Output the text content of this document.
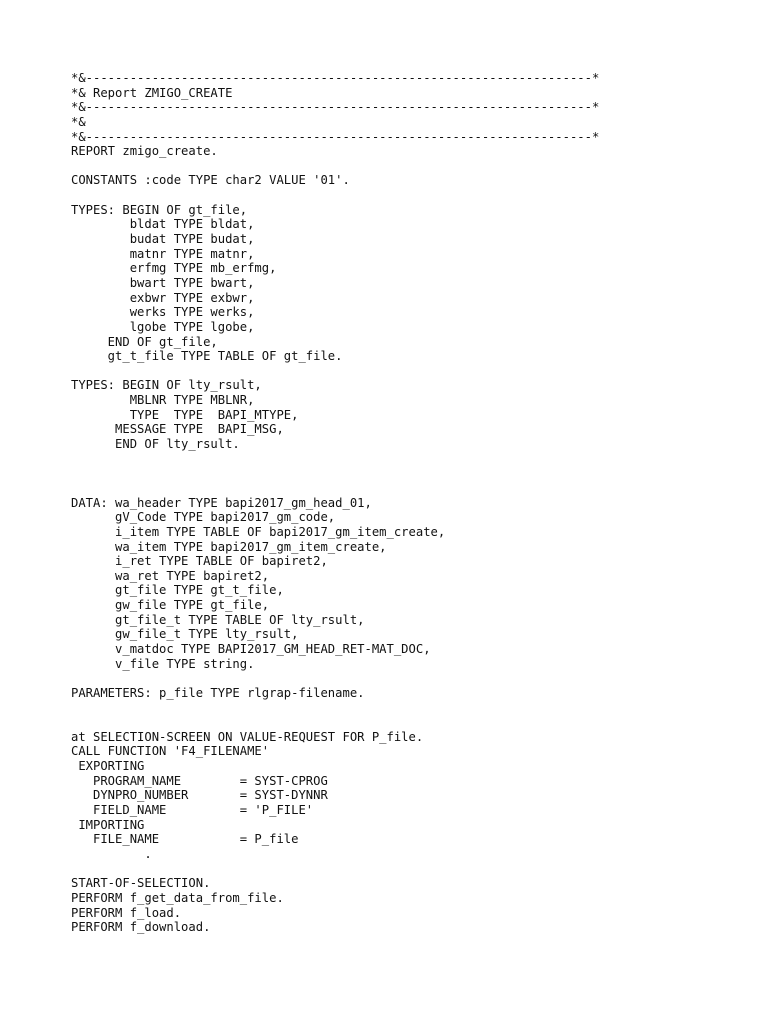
*&---------------------------------------------------------------------*
*& Report ZMIGO_CREATE
*&---------------------------------------------------------------------*
*&
*&---------------------------------------------------------------------*
REPORT zmigo_create.
CONSTANTS :code TYPE char2 VALUE '01'.
TYPES: BEGIN OF gt_file,
bldat TYPE bldat,
budat TYPE budat,
matnr TYPE matnr,
erfmg TYPE mb_erfmg,
bwart TYPE bwart,
exbwr TYPE exbwr,
werks TYPE werks,
lgobe TYPE lgobe,
END OF gt_file,
gt_t_file TYPE TABLE OF gt_file.
TYPES: BEGIN OF lty_rsult,
MBLNR TYPE MBLNR,
TYPE  TYPE  BAPI_MTYPE,
MESSAGE TYPE  BAPI_MSG,
END OF lty_rsult.
DATA: wa_header TYPE bapi2017_gm_head_01,
gV_Code TYPE bapi2017_gm_code,
i_item TYPE TABLE OF bapi2017_gm_item_create,
wa_item TYPE bapi2017_gm_item_create,
i_ret TYPE TABLE OF bapiret2,
wa_ret TYPE bapiret2,
gt_file TYPE gt_t_file,
gw_file TYPE gt_file,
gt_file_t TYPE TABLE OF lty_rsult,
gw_file_t TYPE lty_rsult,
v_matdoc TYPE BAPI2017_GM_HEAD_RET-MAT_DOC,
v_file TYPE string.
PARAMETERS: p_file TYPE rlgrap-filename.
at SELECTION-SCREEN ON VALUE-REQUEST FOR P_file.
CALL FUNCTION 'F4_FILENAME'
EXPORTING
PROGRAM_NAME        = SYST-CPROG
DYNPRO_NUMBER       = SYST-DYNNR
FIELD_NAME          = 'P_FILE'
IMPORTING
FILE_NAME           = P_file
.
START-OF-SELECTION.
PERFORM f_get_data_from_file.
PERFORM f_load.
PERFORM f_download.
